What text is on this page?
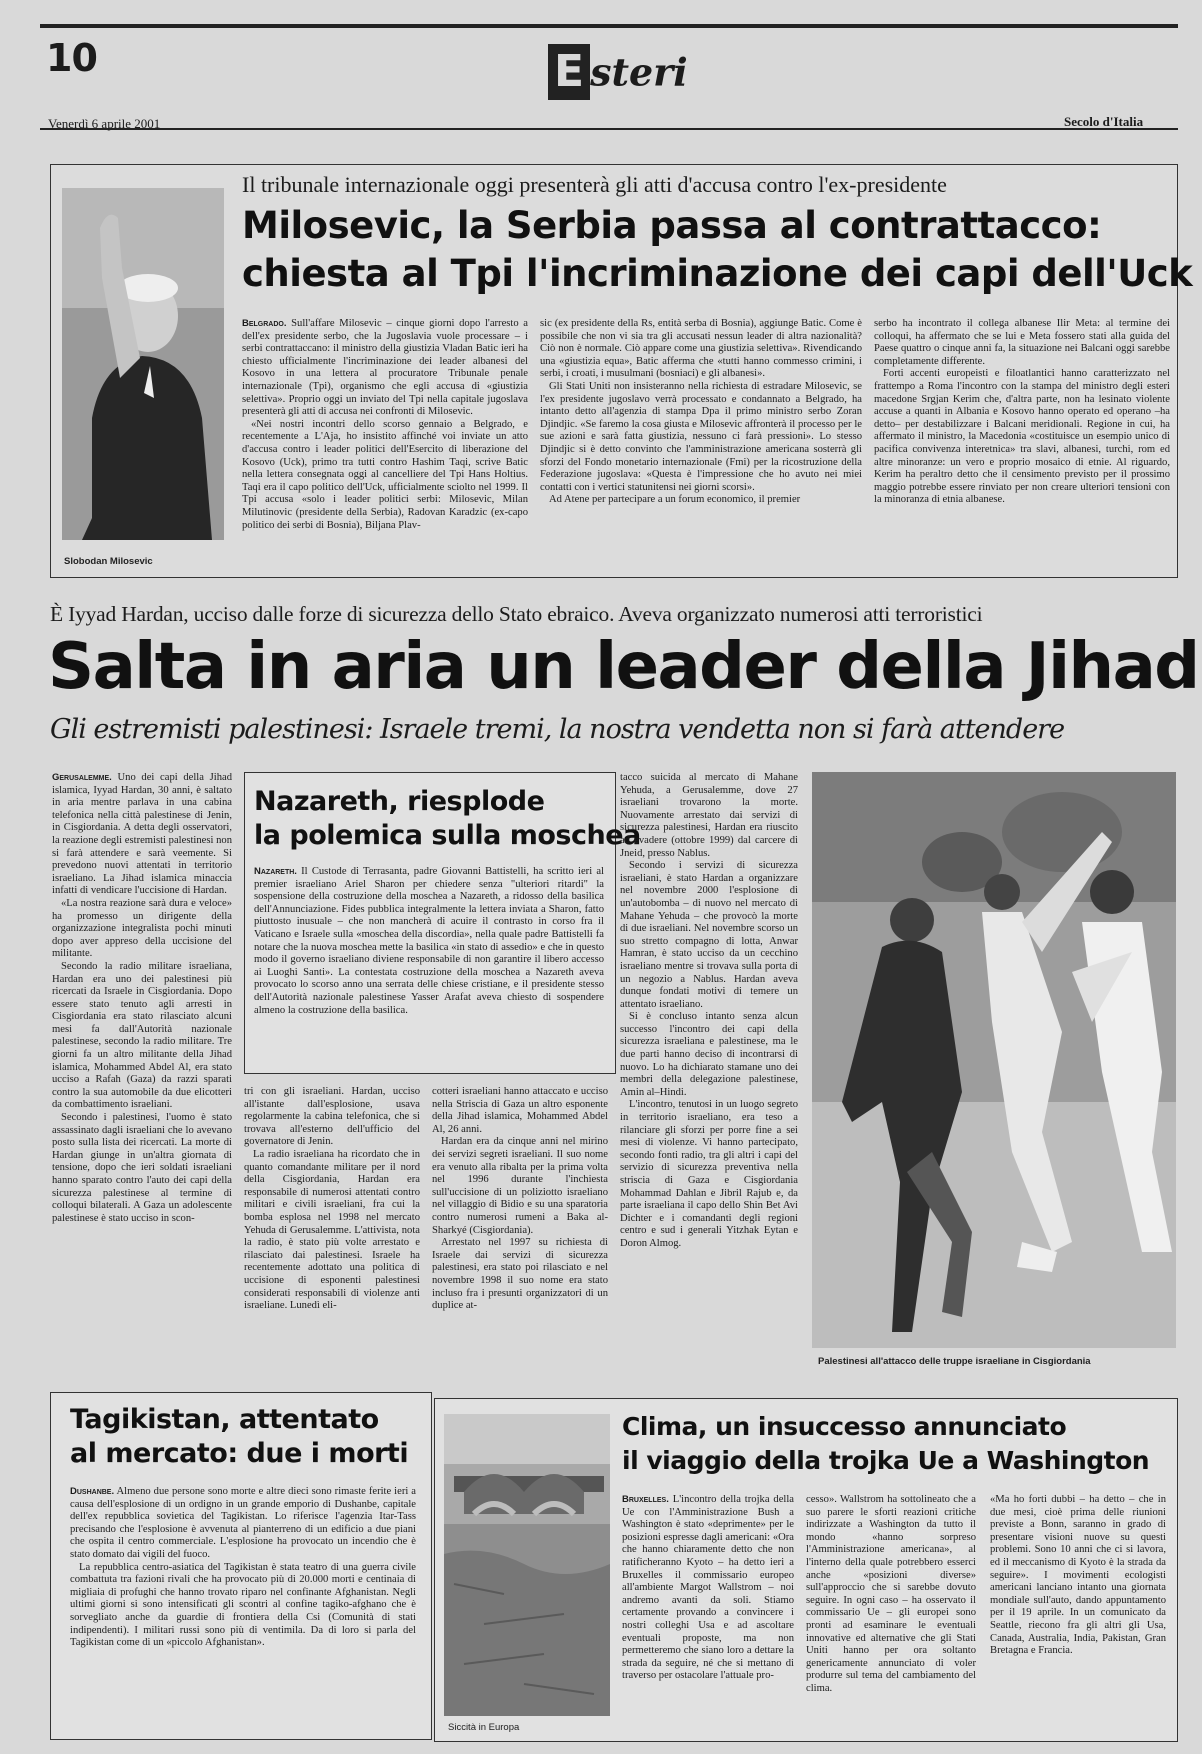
10	E steri
Venerdì 6 aprile 2001	Secolo d'Italia
Slobodan Milosevic
Il tribunale internazionale oggi presenterà gli atti d'accusa contro l'ex-presidente
Milosevic, la Serbia passa al contrattacco:
chiesta al Tpi l'incriminazione dei capi dell'Uck

Belgrado. Sull'affare Milosevic – cinque giorni dopo l'arresto a dell'ex presidente serbo, che la Jugoslavia vuole processare – i serbi contrattaccano: il ministro della giustizia Vladan Batic ieri ha chiesto ufficialmente l'incriminazione dei leader albanesi del Kosovo in una lettera al procuratore Tribunale penale internazionale (Tpi), organismo che egli accusa di «giustizia selettiva». Proprio oggi un inviato del Tpi nella capitale jugoslava presenterà gli atti di accusa nei confronti di Milosevic.

«Nei nostri incontri dello scorso gennaio a Belgrado, e recentemente a L'Aja, ho insistito affinché voi inviate un atto d'accusa contro i leader politici dell'Esercito di liberazione del Kosovo (Uck), primo tra tutti contro Hashim Taqi, scrive Batic nella lettera consegnata oggi al cancelliere del Tpi Hans Holtius. Taqi era il capo politico dell'Uck, ufficialmente sciolto nel 1999. Il Tpi accusa «solo i leader politici serbi: Milosevic, Milan Milutinovic (presidente della Serbia), Radovan Karadzic (ex-capo politico dei serbi di Bosnia), Biljana Plav-

sic (ex presidente della Rs, entità serba di Bosnia), aggiunge Batic. Come è possibile che non vi sia tra gli accusati nessun leader di altra nazionalità? Ciò non è normale. Ciò appare come una giustizia selettiva». Rivendicando una «giustizia equa», Batic afferma che «tutti hanno commesso crimini, i serbi, i croati, i musulmani (bosniaci) e gli albanesi».

Gli Stati Uniti non insisteranno nella richiesta di estradare Milosevic, se l'ex presidente jugoslavo verrà processato e condannato a Belgrado, ha intanto detto all'agenzia di stampa Dpa il primo ministro serbo Zoran Djindjic. «Se faremo la cosa giusta e Milosevic affronterà il processo per le sue azioni e sarà fatta giustizia, nessuno ci farà pressioni». Lo stesso Djindjic si è detto convinto che l'amministrazione americana sosterrà gli sforzi del Fondo monetario internazionale (Fmi) per la ricostruzione della Federazione jugoslava: «Questa è l'impressione che ho avuto nei miei contatti con i vertici statunitensi nei giorni scorsi».

Ad Atene per partecipare a un forum economico, il premier

serbo ha incontrato il collega albanese Ilir Meta: al termine dei colloqui, ha affermato che se lui e Meta fossero stati alla guida del Paese quattro o cinque anni fa, la situazione nei Balcani oggi sarebbe completamente differente.

Forti accenti europeisti e filoatlantici hanno caratterizzato nel frattempo a Roma l'incontro con la stampa del ministro degli esteri macedone Srgjan Kerim che, d'altra parte, non ha lesinato violente accuse a quanti in Albania e Kosovo hanno operato ed operano –ha detto– per destabilizzare i Balcani meridionali. Regione in cui, ha affermato il ministro, la Macedonia «costituisce un esempio unico di pacifica convivenza interetnica» tra slavi, albanesi, turchi, rom ed altre minoranze: un vero e proprio mosaico di etnie. Al riguardo, Kerim ha peraltro detto che il censimento previsto per il prossimo maggio potrebbe essere rinviato per non creare ulteriori tensioni con la minoranza di etnia albanese.

È Iyyad Hardan, ucciso dalle forze di sicurezza dello Stato ebraico. Aveva organizzato numerosi atti terroristici
Salta in aria un leader della Jihad
Gli estremisti palestinesi: Israele tremi, la nostra vendetta non si farà attendere

Gerusalemme. Uno dei capi della Jihad islamica, Iyyad Hardan, 30 anni, è saltato in aria mentre parlava in una cabina telefonica nella città palestinese di Jenin, in Cisgiordania. A detta degli osservatori, la reazione degli estremisti palestinesi non si farà attendere e sarà veemente. Si prevedono nuovi attentati in territorio israeliano. La Jihad islamica minaccia infatti di vendicare l'uccisione di Hardan.

«La nostra reazione sarà dura e veloce» ha promesso un dirigente della organizzazione integralista pochi minuti dopo aver appreso della uccisione del militante.

Secondo la radio militare israeliana, Hardan era uno dei palestinesi più ricercati da Israele in Cisgiordania. Dopo essere stato tenuto agli arresti in Cisgiordania era stato rilasciato alcuni mesi fa dall'Autorità nazionale palestinese, secondo la radio militare. Tre giorni fa un altro militante della Jihad islamica, Mohammed Abdel Al, era stato ucciso a Rafah (Gaza) da razzi sparati contro la sua automobile da due elicotteri da combattimento israeliani.

Secondo i palestinesi, l'uomo è stato assassinato dagli israeliani che lo avevano posto sulla lista dei ricercati. La morte di Hardan giunge in un'altra giornata di tensione, dopo che ieri soldati israeliani hanno sparato contro l'auto dei capi della sicurezza palestinese al termine di colloqui bilaterali. A Gaza un adolescente palestinese è stato ucciso in scon-

Nazareth, riesplode
la polemica sulla moschea

Nazareth. Il Custode di Terrasanta, padre Giovanni Battistelli, ha scritto ieri al premier israeliano Ariel Sharon per chiedere senza "ulteriori ritardi" la sospensione della costruzione della moschea a Nazareth, a ridosso della basilica dell'Annunciazione. Fides pubblica integralmente la lettera inviata a Sharon, fatto piuttosto inusuale – che non mancherà di acuire il contrasto in corso fra il Vaticano e Israele sulla «moschea della discordia», nella quale padre Battistelli fa notare che la nuova moschea mette la basilica «in stato di assedio» e che in questo modo il governo israeliano diviene responsabile di non garantire il libero accesso ai Luoghi Santi». La contestata costruzione della moschea a Nazareth aveva provocato lo scorso anno una serrata delle chiese cristiane, e il presidente stesso dell'Autorità nazionale palestinese Yasser Arafat aveva chiesto di sospendere almeno la costruzione della basilica.

tri con gli israeliani. Hardan, ucciso all'istante dall'esplosione, usava regolarmente la cabina telefonica, che si trovava all'esterno dell'ufficio del governatore di Jenin.

La radio israeliana ha ricordato che in quanto comandante militare per il nord della Cisgiordania, Hardan era responsabile di numerosi attentati contro militari e civili israeliani, fra cui la bomba esplosa nel 1998 nel mercato Yehuda di Gerusalemme. L'attivista, nota la radio, è stato più volte arrestato e rilasciato dai palestinesi. Israele ha recentemente adottato una politica di uccisione di esponenti palestinesi considerati responsabili di violenze anti israeliane. Lunedì eli-

cotteri israeliani hanno attaccato e ucciso nella Striscia di Gaza un altro esponente della Jihad islamica, Mohammed Abdel Al, 26 anni.

Hardan era da cinque anni nel mirino dei servizi segreti israeliani. Il suo nome era venuto alla ribalta per la prima volta nel 1996 durante l'inchiesta sull'uccisione di un poliziotto israeliano nel villaggio di Bidio e su una sparatoria contro numerosi rumeni a Baka al-Sharkyé (Cisgiordania).

Arrestato nel 1997 su richiesta di Israele dai servizi di sicurezza palestinesi, era stato poi rilasciato e nel novembre 1998 il suo nome era stato incluso fra i presunti organizzatori di un duplice at-

tacco suicida al mercato di Mahane Yehuda, a Gerusalemme, dove 27 israeliani trovarono la morte. Nuovamente arrestato dai servizi di sicurezza palestinesi, Hardan era riuscito ad evadere (ottobre 1999) dal carcere di Jneid, presso Nablus.

Secondo i servizi di sicurezza israeliani, è stato Hardan a organizzare nel novembre 2000 l'esplosione di un'autobomba – di nuovo nel mercato di Mahane Yehuda – che provocò la morte di due israeliani. Nel novembre scorso un suo stretto compagno di lotta, Anwar Hamran, è stato ucciso da un cecchino israeliano mentre si trovava sulla porta di un negozio a Nablus. Hardan aveva dunque fondati motivi di temere un attentato israeliano.

Si è concluso intanto senza alcun successo l'incontro dei capi della sicurezza israeliana e palestinese, ma le due parti hanno deciso di incontrarsi di nuovo. Lo ha dichiarato stamane uno dei membri della delegazione palestinese, Amin al–Hindi.

L'incontro, tenutosi in un luogo segreto in territorio israeliano, era teso a rilanciare gli sforzi per porre fine a sei mesi di violenze. Vi hanno partecipato, secondo fonti radio, tra gli altri i capi del servizio di sicurezza preventiva nella striscia di Gaza e Cisgiordania Mohammad Dahlan e Jibril Rajub e, da parte israeliana il capo dello Shin Bet Avi Dichter e i comandanti degli regioni centro e sud i generali Yitzhak Eytan e Doron Almog.

Palestinesi all'attacco delle truppe israeliane in Cisgiordania
Tagikistan, attentato
al mercato: due i morti

Dushanbe. Almeno due persone sono morte e altre dieci sono rimaste ferite ieri a causa dell'esplosione di un ordigno in un grande emporio di Dushanbe, capitale dell'ex repubblica sovietica del Tagikistan. Lo riferisce l'agenzia Itar-Tass precisando che l'esplosione è avvenuta al pianterreno di un edificio a due piani che ospita il centro commerciale. L'esplosione ha provocato un incendio che è stato domato dai vigili del fuoco.

La repubblica centro-asiatica del Tagikistan è stata teatro di una guerra civile combattuta tra fazioni rivali che ha provocato più di 20.000 morti e centinaia di migliaia di profughi che hanno trovato riparo nel confinante Afghanistan. Negli ultimi giorni si sono intensificati gli scontri al confine tagiko-afghano che è sorvegliato anche da guardie di frontiera della Csi (Comunità di stati indipendenti). I militari russi sono più di ventimila. Da di loro si parla del Tagikistan come di un «piccolo Afghanistan».

Siccità in Europa
Clima, un insuccesso annunciato
il viaggio della trojka Ue a Washington

Bruxelles. L'incontro della trojka della Ue con l'Amministrazione Bush a Washington è stato «deprimente» per le posizioni espresse dagli americani: «Ora che hanno chiaramente detto che non ratificheranno Kyoto – ha detto ieri a Bruxelles il commissario europeo all'ambiente Margot Wallstrom – noi andremo avanti da soli. Stiamo certamente provando a convincere i nostri colleghi Usa e ad ascoltare eventuali proposte, ma non permetteremo che siano loro a dettare la strada da seguire, né che si mettano di traverso per ostacolare l'attuale pro-

cesso». Wallstrom ha sottolineato che a suo parere le sforti reazioni critiche indirizzate a Washington da tutto il mondo «hanno sorpreso l'Amministrazione americana», al l'interno della quale potrebbero esserci anche «posizioni diverse» sull'approccio che si sarebbe dovuto seguire. In ogni caso – ha osservato il commissario Ue – gli europei sono pronti ad esaminare le eventuali innovative ed alternative che gli Stati Uniti hanno per ora soltanto genericamente annunciato di voler produrre sul tema del cambiamento del clima.

«Ma ho forti dubbi – ha detto – che in due mesi, cioè prima delle riunioni previste a Bonn, saranno in grado di presentare visioni nuove su questi problemi. Sono 10 anni che ci si lavora, ed il meccanismo di Kyoto è la strada da seguire». I movimenti ecologisti americani lanciano intanto una giornata mondiale sull'auto, dando appuntamento per il 19 aprile. In un comunicato da Seattle, riecono fra gli altri gli Usa, Canada, Australia, India, Pakistan, Gran Bretagna e Francia.
